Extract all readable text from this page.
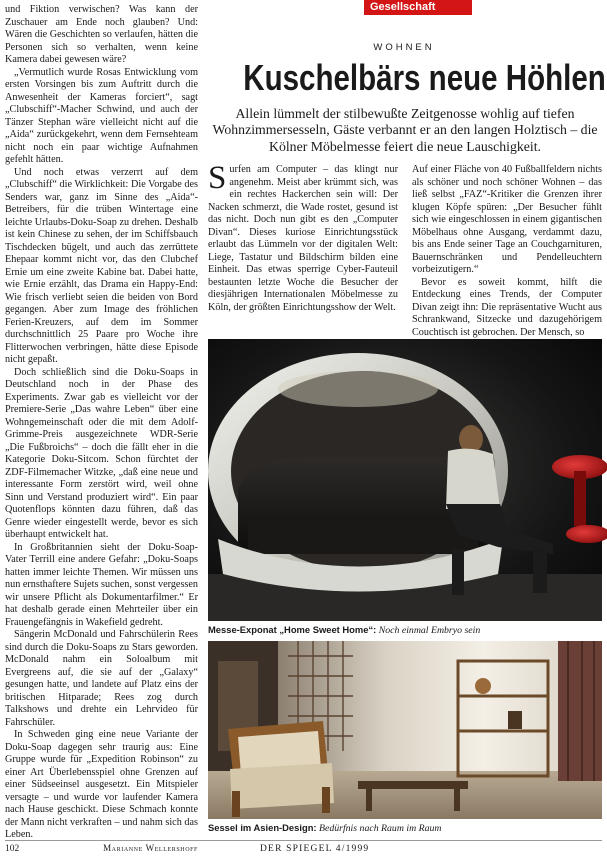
Gesellschaft

und Fiktion verwischen? Was kann der Zuschauer am Ende noch glauben? Und: Wären die Geschichten so verlaufen, hätten die Personen sich so verhalten, wenn keine Kamera dabei gewesen wäre?

„Vermutlich wurde Rosas Entwicklung vom ersten Vorsingen bis zum Auftritt durch die Anwesenheit der Kameras forciert“, sagt „Clubschiff“-Macher Schwind, und auch der Tänzer Stephan wäre vielleicht nicht auf die „Aida“ zurückgekehrt, wenn dem Fernsehteam nicht noch ein paar wichtige Aufnahmen gefehlt hätten.

Und noch etwas verzerrt auf dem „Clubschiff“ die Wirklichkeit: Die Vorgabe des Senders war, ganz im Sinne des „Aida“-Betreibers, für die trüben Wintertage eine leichte Urlaubs-Doku-Soap zu drehen. Deshalb ist kein Chinese zu sehen, der im Schiffsbauch Tischdecken bügelt, und auch das zerrüttete Ehepaar kommt nicht vor, das den Clubchef Ernie um eine zweite Kabine bat. Dabei hatte, wie Ernie erzählt, das Drama ein Happy-End: Wie frisch verliebt seien die beiden von Bord gegangen. Aber zum Image des fröhlichen Ferien-Kreuzers, auf dem im Sommer durchschnittlich 25 Paare pro Woche ihre Flitterwochen verbringen, hätte diese Episode nicht gepaßt.

Doch schließlich sind die Doku-Soaps in Deutschland noch in der Phase des Experiments. Zwar gab es vielleicht vor der Premiere-Serie „Das wahre Leben“ über eine Wohngemeinschaft oder die mit dem Adolf-Grimme-Preis ausgezeichnete WDR-Serie „Die Fußbroichs“ – doch die fällt eher in die Kategorie Doku-Sitcom. Schon fürchtet der ZDF-Filmemacher Witzke, „daß eine neue und interessante Form zerstört wird, weil ohne Sinn und Verstand produziert wird“. Ein paar Quotenflops könnten dazu führen, daß das Genre wieder eingestellt werde, bevor es sich überhaupt entwickelt hat.

In Großbritannien sieht der Doku-Soap-Vater Terrill eine andere Gefahr: „Doku-Soaps hatten immer leichte Themen. Wir müssen uns nun ernsthaftere Sujets suchen, sonst vergessen wir unsere Pflicht als Dokumentarfilmer.“ Er hat deshalb gerade einen Mehrteiler über ein Frauengefängnis in Wakefield gedreht.

Sängerin McDonald und Fahrschülerin Rees sind durch die Doku-Soaps zu Stars geworden. McDonald nahm ein Soloalbum mit Evergreens auf, die sie auf der „Galaxy“ gesungen hatte, und landete auf Platz eins der britischen Hitparade; Rees zog durch Talkshows und drehte ein Lehrvideo für Fahrschüler.

In Schweden ging eine neue Variante der Doku-Soap dagegen sehr traurig aus: Eine Gruppe wurde für „Expedition Robinson“ zu einer Art Überlebensspiel ohne Grenzen auf einer Südseeinsel ausgesetzt. Ein Mitspieler versagte – und wurde vor laufender Kamera nach Hause geschickt. Diese Schmach konnte der Mann nicht verkraften – und nahm sich das Leben.

Marianne Wellershoff
WOHNEN
Kuschelbärs neue Höhlen
Allein lümmelt der stilbewußte Zeitgenosse wohlig auf tiefen Wohnzimmersesseln, Gäste verbannt er an den langen Holztisch – die Kölner Möbelmesse feiert die neue Lauschigkeit.

Surfen am Computer – das klingt nur angenehm. Meist aber krümmt sich, was ein rechtes Hackerchen sein will: Der Nacken schmerzt, die Wade rostet, gesund ist das nicht. Doch nun gibt es den „Computer Divan“. Dieses kuriose Einrichtungsstück erlaubt das Lümmeln vor der digitalen Welt: Liege, Tastatur und Bildschirm bilden eine Einheit. Das etwas sperrige Cyber-Fauteuil bestaunten letzte Woche die Besucher der diesjährigen Internationalen Möbelmesse zu Köln, der größten Einrichtungsshow der Welt.

Auf einer Fläche von 40 Fußballfeldern nichts als schöner und noch schöner Wohnen – das ließ selbst „FAZ“-Kritiker die Grenzen ihrer klugen Köpfe spüren: „Der Besucher fühlt sich wie eingeschlossen in einem gigantischen Möbelhaus ohne Ausgang, verdammt dazu, bis ans Ende seiner Tage an Couchgarnituren, Bauernschränken und Pendelleuchtern vorbeizutigern.“

Bevor es soweit kommt, hilft die Entdeckung eines Trends, der Computer Divan zeigt ihn: Die repräsentative Wucht aus Schrankwand, Sitzecke und dazugehörigem Couchtisch ist gebrochen. Der Mensch, so

Messe-Exponat „Home Sweet Home“: Noch einmal Embryo sein
Sessel im Asien-Design: Bedürfnis nach Raum im Raum
102	DER SPIEGEL 4/1999
